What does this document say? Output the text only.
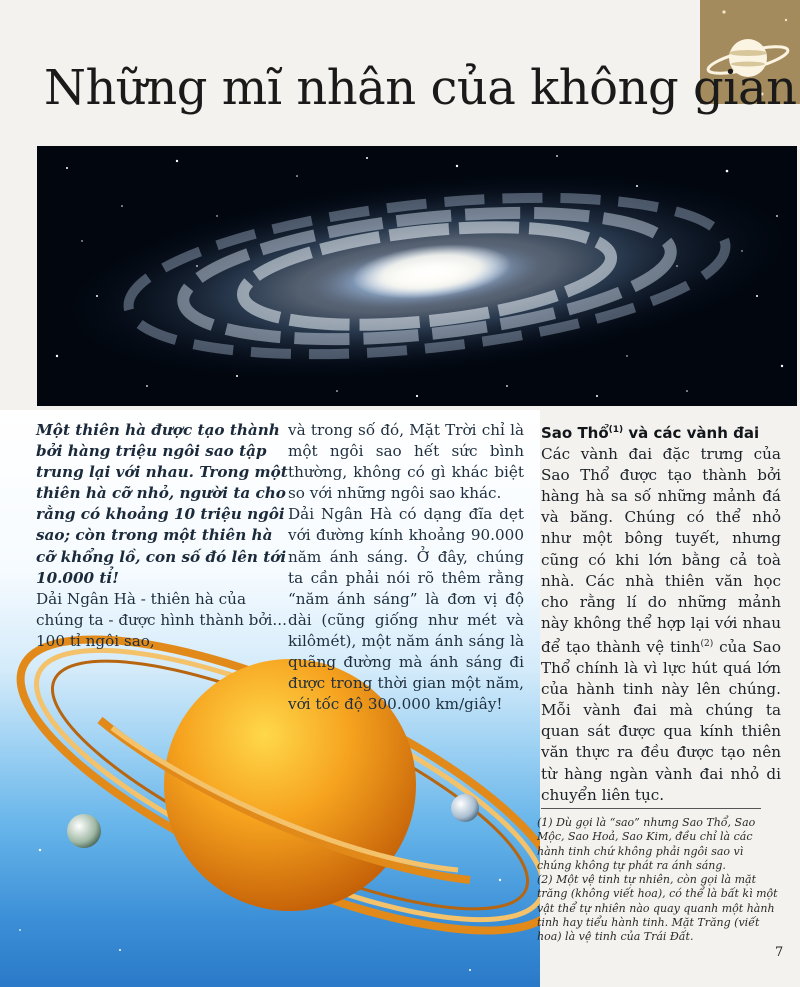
Những mĩ nhân của không gian

Một thiên hà được tạo thành bởi hàng triệu ngôi sao tập trung lại với nhau. Trong một thiên hà cỡ nhỏ, người ta cho rằng có khoảng 10 triệu ngôi sao; còn trong một thiên hà cỡ khổng lồ, con số đó lên tới 10.000 tỉ!

Dải Ngân Hà - thiên hà của chúng ta - được hình thành bởi... 100 tỉ ngôi sao,

và trong số đó, Mặt Trời chỉ là một ngôi sao hết sức bình thường, không có gì khác biệt so với những ngôi sao khác.

Dải Ngân Hà có dạng đĩa dẹt với đường kính khoảng 90.000 năm ánh sáng. Ở đây, chúng ta cần phải nói rõ thêm rằng “năm ánh sáng” là đơn vị độ dài (cũng giống như mét và kilômét), một năm ánh sáng là quãng đường mà ánh sáng đi được trong thời gian một năm, với tốc độ 300.000 km/giây!

Sao Thổ$^{(1)}$ và các vành đai

Các vành đai đặc trưng của Sao Thổ được tạo thành bởi hàng hà sa số những mảnh đá và băng. Chúng có thể nhỏ như một bông tuyết, nhưng cũng có khi lớn bằng cả toà nhà. Các nhà thiên văn học cho rằng lí do những mảnh này không thể hợp lại với nhau để tạo thành vệ tinh$^{(2)}$ của Sao Thổ chính là vì lực hút quá lớn của hành tinh này lên chúng. Mỗi vành đai mà chúng ta quan sát được qua kính thiên văn thực ra đều được tạo nên từ hàng ngàn vành đai nhỏ di chuyển liên tục.

(1) Dù gọi là “sao” nhưng Sao Thổ, Sao Mộc, Sao Hoả, Sao Kim, đều chỉ là các hành tinh chứ không phải ngôi sao vì chúng không tự phát ra ánh sáng.

(2) Một vệ tinh tự nhiên, còn gọi là mặt trăng (không viết hoa), có thể là bất kì một vật thể tự nhiên nào quay quanh một hành tinh hay tiểu hành tinh. Mặt Trăng (viết hoa) là vệ tinh của Trái Đất.

7
